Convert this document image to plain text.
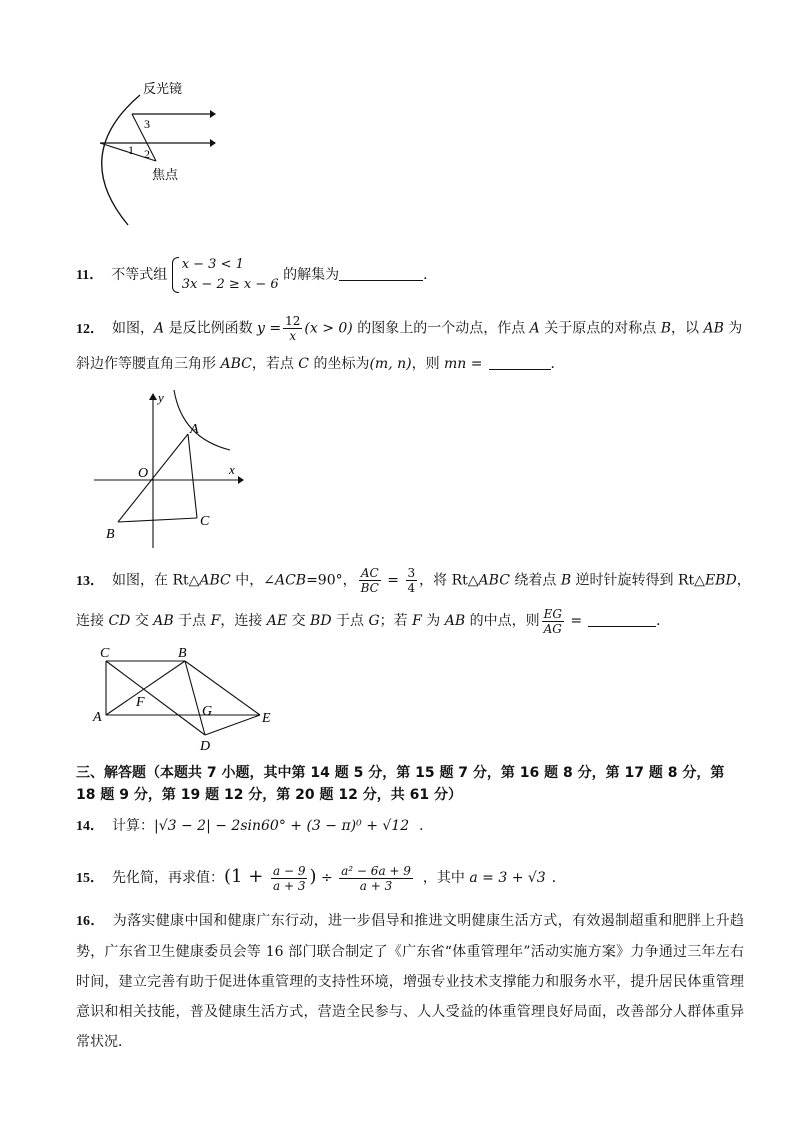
反光镜
3
1 2
焦点
11． 不等式组
x − 3 < 1
3x − 2 ≥ x − 6
的解集为	．
12． 如图，A 是反比例函数 $y = \frac{12}{x} (x > 0)$ 的图象上的一个动点，作点 A 关于原点的对称点 B，以 AB 为
斜边作等腰直角三角形 ABC，若点 C 的坐标为(m, n)，则 mn =	．
y
x
O
A
B
C
13． 如图，在 Rt△ABC 中，∠ACB=90°， $\frac{AC}{BC} = \frac{3}{4}$ ，将 Rt△ABC 绕着点 B 逆时针旋转得到 Rt△EBD，
连接 CD 交 AB 于点 F，连接 AE 交 BD 于点 G；若 F 为 AB 的中点，则 $\frac{EG}{AG}$ =	．
C	B
A
F
G	E
D
三、解答题（本题共 7 小题，其中第 14 题 5 分，第 15 题 7 分，第 16 题 8 分，第 17 题 8 分，第 18 题 9 分，第 19 题 12 分，第 20 题 12 分，共 61 分）
14． 计算：|√3 − 2| − 2sin60° + (3 − π)⁰ + √12 ．
15． 先化简，再求值：($1 + \frac{a - 9}{a + 3}$ ) ÷ $\frac{\text{a² − 6a + 9}}{a + 3}$ ，其中 a = 3 + √3 ．
16． 为落实健康中国和健康广东行动，进一步倡导和推进文明健康生活方式，有效遏制超重和肥胖上升趋势，广东省卫生健康委员会等 16 部门联合制定了《广东省“体重管理年”活动实施方案》力争通过三年左右时间，建立完善有助于促进体重管理的支持性环境，增强专业技术支撑能力和服务水平，提升居民体重管理意识和相关技能，普及健康生活方式，营造全民参与、人人受益的体重管理良好局面，改善部分人群体重异常状况．
